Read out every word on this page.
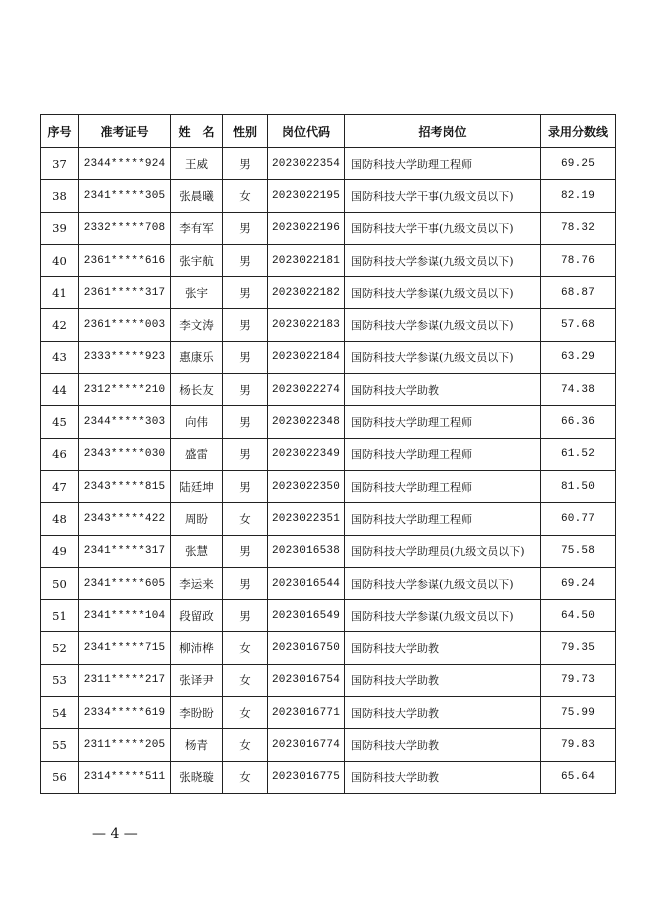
序号	准考证号	姓　名	性别	岗位代码	招考岗位	录用分数线
37	2344*****924	王威	男	2023022354	国防科技大学助理工程师	69.25
38	2341*****305	张晨曦	女	2023022195	国防科技大学干事(九级文员以下)	82.19
39	2332*****708	李有军	男	2023022196	国防科技大学干事(九级文员以下)	78.32
40	2361*****616	张宇航	男	2023022181	国防科技大学参谋(九级文员以下)	78.76
41	2361*****317	张宇	男	2023022182	国防科技大学参谋(九级文员以下)	68.87
42	2361*****003	李文涛	男	2023022183	国防科技大学参谋(九级文员以下)	57.68
43	2333*****923	惠康乐	男	2023022184	国防科技大学参谋(九级文员以下)	63.29
44	2312*****210	杨长友	男	2023022274	国防科技大学助教	74.38
45	2344*****303	向伟	男	2023022348	国防科技大学助理工程师	66.36
46	2343*****030	盛雷	男	2023022349	国防科技大学助理工程师	61.52
47	2343*****815	陆廷坤	男	2023022350	国防科技大学助理工程师	81.50
48	2343*****422	周盼	女	2023022351	国防科技大学助理工程师	60.77
49	2341*****317	张慧	男	2023016538	国防科技大学助理员(九级文员以下)	75.58
50	2341*****605	李运来	男	2023016544	国防科技大学参谋(九级文员以下)	69.24
51	2341*****104	段留政	男	2023016549	国防科技大学参谋(九级文员以下)	64.50
52	2341*****715	柳沛桦	女	2023016750	国防科技大学助教	79.35
53	2311*****217	张译尹	女	2023016754	国防科技大学助教	79.73
54	2334*****619	李盼盼	女	2023016771	国防科技大学助教	75.99
55	2311*****205	杨青	女	2023016774	国防科技大学助教	79.83
56	2314*****511	张晓璇	女	2023016775	国防科技大学助教	65.64
— 4 —
